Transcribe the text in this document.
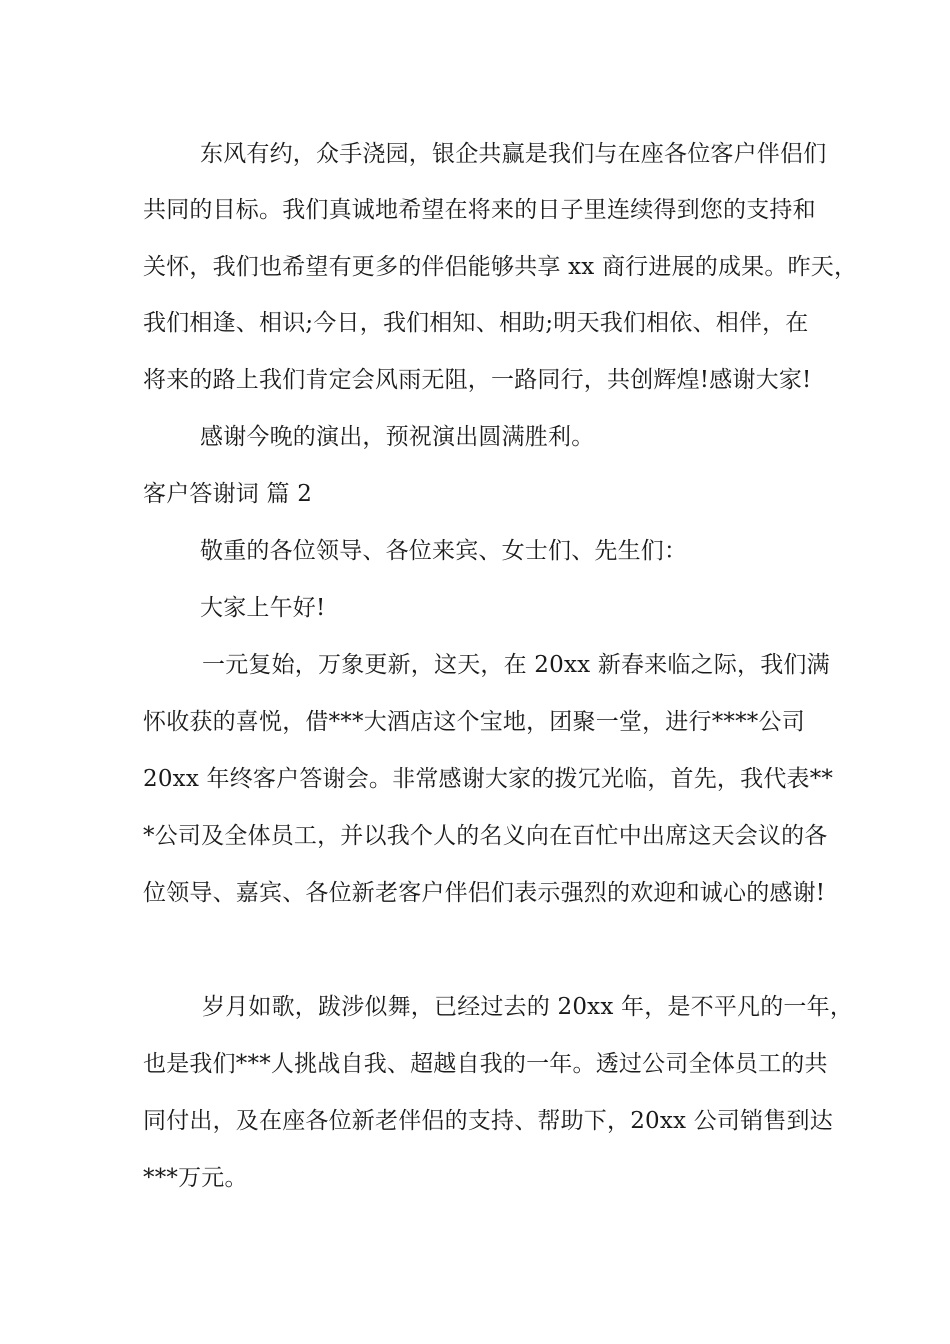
东风有约，众手浇园，银企共赢是我们与在座各位客户伴侣们
共同的目标。我们真诚地希望在将来的日子里连续得到您的支持和
关怀，我们也希望有更多的伴侣能够共享 xx 商行进展的成果。昨天，
我们相逢、相识;今日，我们相知、相助;明天我们相依、相伴，在
将来的路上我们肯定会风雨无阻，一路同行，共创辉煌!感谢大家!
感谢今晚的演出，预祝演出圆满胜利。
客户答谢词 篇 2
敬重的各位领导、各位来宾、女士们、先生们：
大家上午好!
一元复始，万象更新，这天，在 20xx 新春来临之际，我们满
怀收获的喜悦，借***大酒店这个宝地，团聚一堂，进行****公司
20xx 年终客户答谢会。非常感谢大家的拨冗光临，首先，我代表**
*公司及全体员工，并以我个人的名义向在百忙中出席这天会议的各
位领导、嘉宾、各位新老客户伴侣们表示强烈的欢迎和诚心的感谢!
岁月如歌，跋涉似舞，已经过去的 20xx 年，是不平凡的一年，
也是我们***人挑战自我、超越自我的一年。透过公司全体员工的共
同付出，及在座各位新老伴侣的支持、帮助下，20xx 公司销售到达
***万元。
